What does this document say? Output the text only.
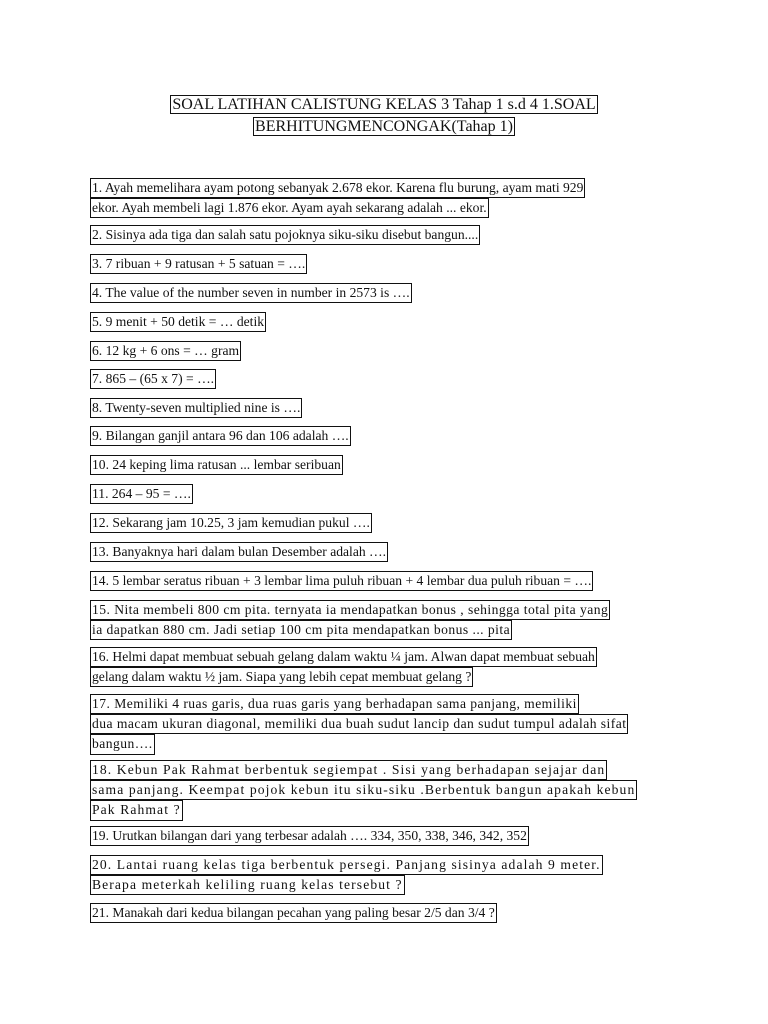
SOAL LATIHAN CALISTUNG KELAS 3 Tahap 1 s.d 4 1.SOAL
BERHITUNGMENCONGAK(Tahap 1)
1. Ayah memelihara ayam potong sebanyak 2.678 ekor. Karena flu burung, ayam mati 929
ekor. Ayah membeli lagi 1.876 ekor. Ayam ayah sekarang adalah ... ekor.
2. Sisinya ada tiga dan salah satu pojoknya siku-siku disebut bangun....
3. 7 ribuan + 9 ratusan + 5 satuan = ….
4. The value of the number seven in number in 2573 is ….
5. 9 menit + 50 detik = … detik
6. 12 kg + 6 ons = … gram
7. 865 – (65 x 7) = ….
8. Twenty-seven multiplied nine is ….
9. Bilangan ganjil antara 96 dan 106 adalah ….
10. 24 keping lima ratusan ... lembar seribuan
11. 264 – 95 = ….
12. Sekarang jam 10.25, 3 jam kemudian pukul ….
13. Banyaknya hari dalam bulan Desember adalah ….
14. 5 lembar seratus ribuan + 3 lembar lima puluh ribuan + 4 lembar dua puluh ribuan = ….
15. Nita membeli 800 cm pita. ternyata ia mendapatkan bonus , sehingga total pita yang
ia dapatkan 880 cm. Jadi setiap 100 cm pita mendapatkan bonus ... pita
16. Helmi dapat membuat sebuah gelang dalam waktu ¼ jam. Alwan dapat membuat sebuah
gelang dalam waktu ½ jam. Siapa yang lebih cepat membuat gelang ?
17. Memiliki 4 ruas garis, dua ruas garis yang berhadapan sama panjang, memiliki
dua macam ukuran diagonal, memiliki dua buah sudut lancip dan sudut tumpul adalah sifat
bangun….
18. Kebun Pak Rahmat berbentuk segiempat . Sisi yang berhadapan sejajar dan
sama panjang. Keempat pojok kebun itu siku-siku .Berbentuk bangun apakah kebun
Pak Rahmat ?
19. Urutkan bilangan dari yang terbesar adalah …. 334, 350, 338, 346, 342, 352
20. Lantai ruang kelas tiga berbentuk persegi. Panjang sisinya adalah 9 meter.
Berapa meterkah keliling ruang kelas tersebut ?
21. Manakah dari kedua bilangan pecahan yang paling besar 2/5 dan 3/4 ?
